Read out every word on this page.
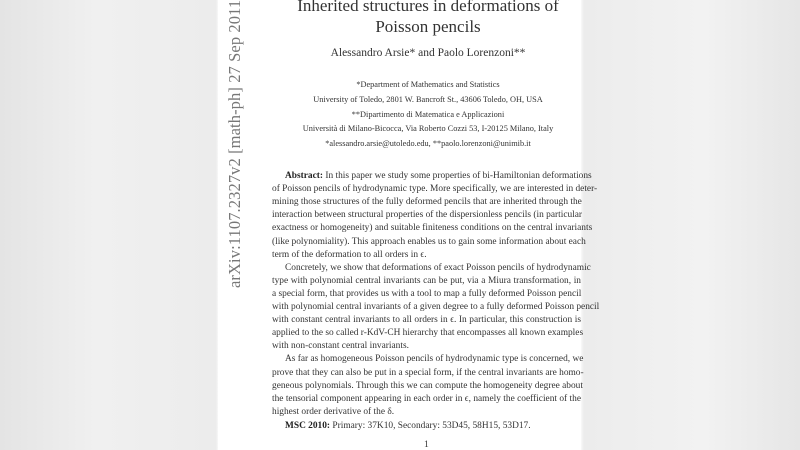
arXiv:1107.2327v2 [math-ph] 27 Sep 2011	Inherited structures in deformations of
Poisson pencils
Alessandro Arsie* and Paolo Lorenzoni**
*Department of Mathematics and Statistics
University of Toledo, 2801 W. Bancroft St., 43606 Toledo, OH, USA
**Dipartimento di Matematica e Applicazioni
Università di Milano-Bicocca, Via Roberto Cozzi 53, I-20125 Milano, Italy
*alessandro.arsie@utoledo.edu, **paolo.lorenzoni@unimib.it
Abstract: In this paper we study some properties of bi-Hamiltonian deformations
of Poisson pencils of hydrodynamic type. More specifically, we are interested in deter-
mining those structures of the fully deformed pencils that are inherited through the
interaction between structural properties of the dispersionless pencils (in particular
exactness or homogeneity) and suitable finiteness conditions on the central invariants
(like polynomiality). This approach enables us to gain some information about each
term of the deformation to all orders in ϵ.
Concretely, we show that deformations of exact Poisson pencils of hydrodynamic
type with polynomial central invariants can be put, via a Miura transformation, in
a special form, that provides us with a tool to map a fully deformed Poisson pencil
with polynomial central invariants of a given degree to a fully deformed Poisson pencil
with constant central invariants to all orders in ϵ. In particular, this construction is
applied to the so called r-KdV-CH hierarchy that encompasses all known examples
with non-constant central invariants.
As far as homogeneous Poisson pencils of hydrodynamic type is concerned, we
prove that they can also be put in a special form, if the central invariants are homo-
geneous polynomials. Through this we can compute the homogeneity degree about
the tensorial component appearing in each order in ϵ, namely the coefficient of the
highest order derivative of the δ.
MSC 2010: Primary: 37K10, Secondary: 53D45, 58H15, 53D17.
1
